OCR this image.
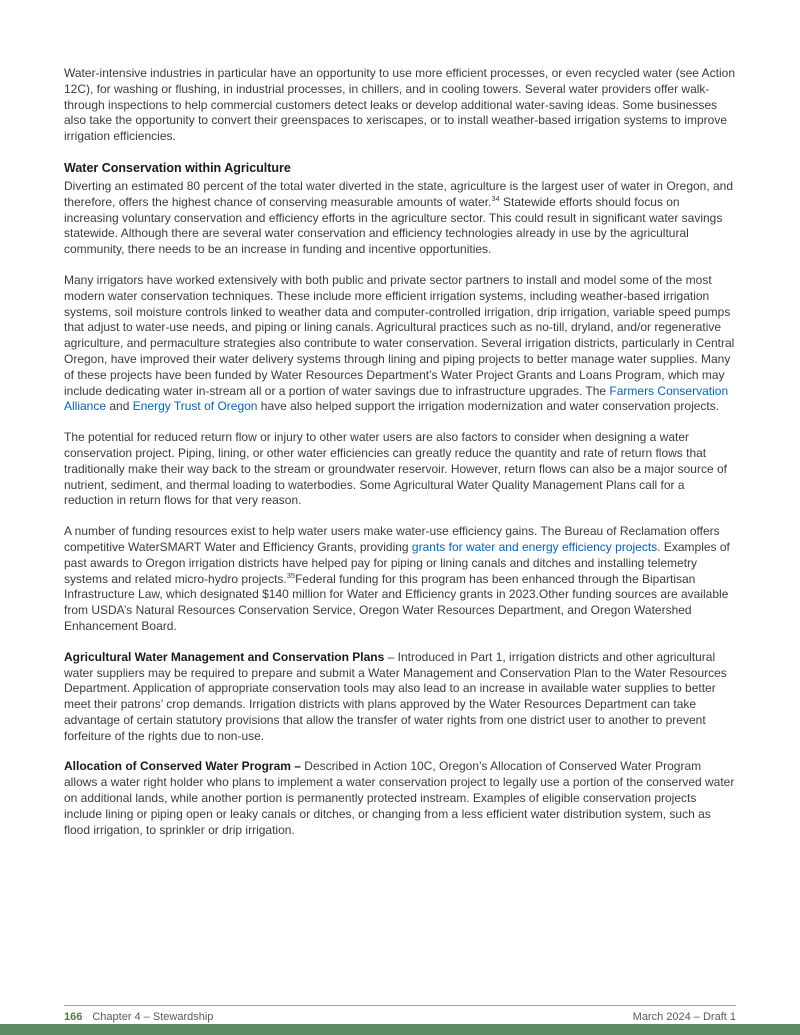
Water-intensive industries in particular have an opportunity to use more efficient processes, or even recycled water (see Action 12C), for washing or flushing, in industrial processes, in chillers, and in cooling towers. Several water providers offer walk-through inspections to help commercial customers detect leaks or develop additional water-saving ideas. Some businesses also take the opportunity to convert their greenspaces to xeriscapes, or to install weather-based irrigation systems to improve irrigation efficiencies.

Water Conservation within Agriculture

Diverting an estimated 80 percent of the total water diverted in the state, agriculture is the largest user of water in Oregon, and therefore, offers the highest chance of conserving measurable amounts of water.$^{34}$ Statewide efforts should focus on increasing voluntary conservation and efficiency efforts in the agriculture sector. This could result in significant water savings statewide. Although there are several water conservation and efficiency technologies already in use by the agricultural community, there needs to be an increase in funding and incentive opportunities.

Many irrigators have worked extensively with both public and private sector partners to install and model some of the most modern water conservation techniques. These include more efficient irrigation systems, including weather-based irrigation systems, soil moisture controls linked to weather data and computer-controlled irrigation, drip irrigation, variable speed pumps that adjust to water-use needs, and piping or lining canals. Agricultural practices such as no-till, dryland, and/or regenerative agriculture, and permaculture strategies also contribute to water conservation. Several irrigation districts, particularly in Central Oregon, have improved their water delivery systems through lining and piping projects to better manage water supplies. Many of these projects have been funded by Water Resources Department’s Water Project Grants and Loans Program, which may include dedicating water in-stream all or a portion of water savings due to infrastructure upgrades. The Farmers Conservation Alliance and Energy Trust of Oregon have also helped support the irrigation modernization and water conservation projects.

The potential for reduced return flow or injury to other water users are also factors to consider when designing a water conservation project. Piping, lining, or other water efficiencies can greatly reduce the quantity and rate of return flows that traditionally make their way back to the stream or groundwater reservoir. However, return flows can also be a major source of nutrient, sediment, and thermal loading to waterbodies. Some Agricultural Water Quality Management Plans call for a reduction in return flows for that very reason.

A number of funding resources exist to help water users make water-use efficiency gains. The Bureau of Reclamation offers competitive WaterSMART Water and Efficiency Grants, providing grants for water and energy efficiency projects. Examples of past awards to Oregon irrigation districts have helped pay for piping or lining canals and ditches and installing telemetry systems and related micro-hydro projects.$^{35}$Federal funding for this program has been enhanced through the Bipartisan Infrastructure Law, which designated $140 million for Water and Efficiency grants in 2023.Other funding sources are available from USDA’s Natural Resources Conservation Service, Oregon Water Resources Department, and Oregon Watershed Enhancement Board.

Agricultural Water Management and Conservation Plans – Introduced in Part 1, irrigation districts and other agricultural water suppliers may be required to prepare and submit a Water Management and Conservation Plan to the Water Resources Department. Application of appropriate conservation tools may also lead to an increase in available water supplies to better meet their patrons’ crop demands. Irrigation districts with plans approved by the Water Resources Department can take advantage of certain statutory provisions that allow the transfer of water rights from one district user to another to prevent forfeiture of the rights due to non-use.

Allocation of Conserved Water Program – Described in Action 10C, Oregon’s Allocation of Conserved Water Program allows a water right holder who plans to implement a water conservation project to legally use a portion of the conserved water on additional lands, while another portion is permanently protected instream. Examples of eligible conservation projects include lining or piping open or leaky canals or ditches, or changing from a less efficient water distribution system, such as flood irrigation, to sprinkler or drip irrigation.

166 Chapter 4 – Stewardship	March 2024 – Draft 1
